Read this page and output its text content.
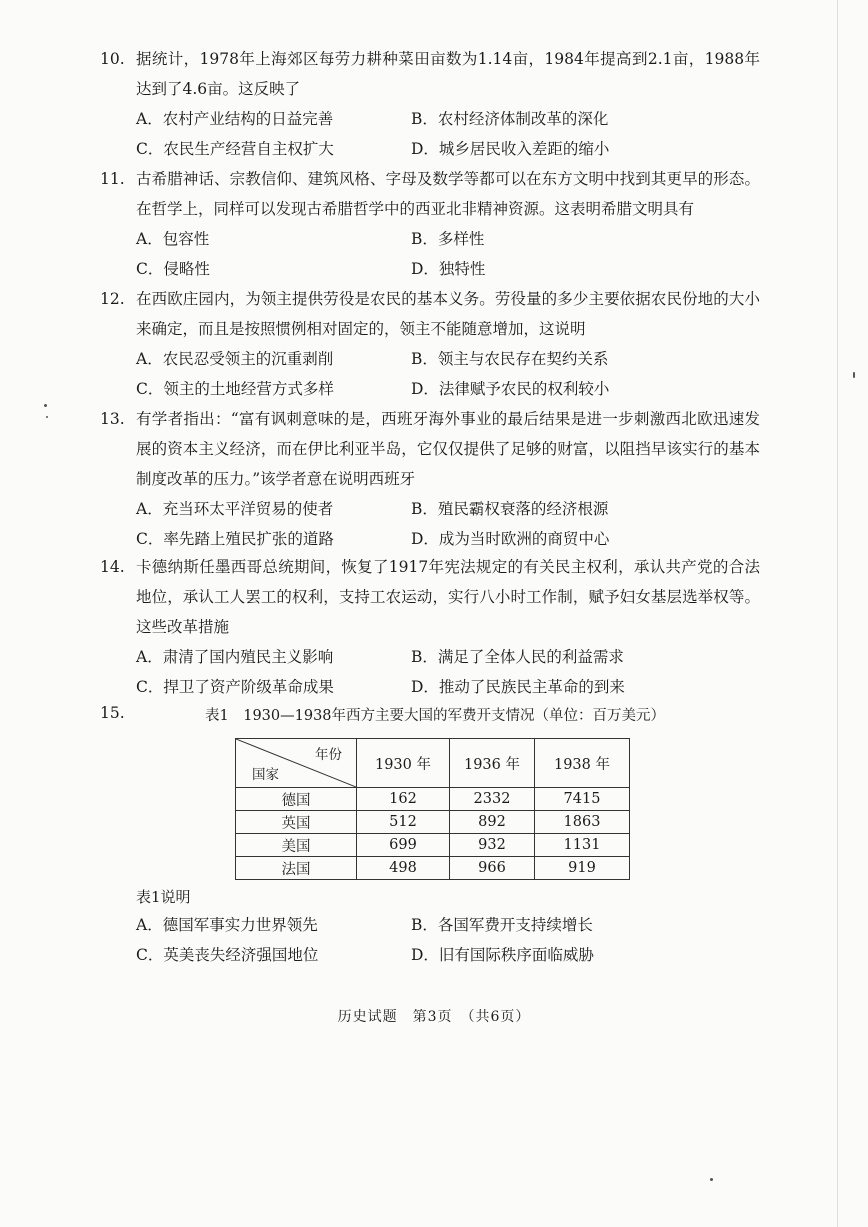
10. 据统计，1978年上海郊区每劳力耕种菜田亩数为1.14亩，1984年提高到2.1亩，1988年达到了4.6亩。这反映了
A．农村产业结构的日益完善	B．农村经济体制改革的深化
C．农民生产经营自主权扩大	D．城乡居民收入差距的缩小
11. 古希腊神话、宗教信仰、建筑风格、字母及数学等都可以在东方文明中找到其更早的形态。在哲学上，同样可以发现古希腊哲学中的西亚北非精神资源。这表明希腊文明具有
A．包容性	B．多样性
C．侵略性	D．独特性
12. 在西欧庄园内，为领主提供劳役是农民的基本义务。劳役量的多少主要依据农民份地的大小来确定，而且是按照惯例相对固定的，领主不能随意增加，这说明
A．农民忍受领主的沉重剥削	B．领主与农民存在契约关系
C．领主的土地经营方式多样	D．法律赋予农民的权利较小
13. 有学者指出：“富有讽刺意味的是，西班牙海外事业的最后结果是进一步刺激西北欧迅速发展的资本主义经济，而在伊比利亚半岛，它仅仅提供了足够的财富，以阻挡早该实行的基本制度改革的压力。”该学者意在说明西班牙
A．充当环太平洋贸易的使者	B．殖民霸权衰落的经济根源
C．率先踏上殖民扩张的道路	D．成为当时欧洲的商贸中心
14. 卡德纳斯任墨西哥总统期间，恢复了1917年宪法规定的有关民主权利，承认共产党的合法地位，承认工人罢工的权利，支持工农运动，实行八小时工作制，赋予妇女基层选举权等。这些改革措施
A．肃清了国内殖民主义影响	B．满足了全体人民的利益需求
C．捍卫了资产阶级革命成果	D．推动了民族民主革命的到来
15.	表1　1930—1938年西方主要大国的军费开支情况（单位：百万美元）
年份
国家	1930 年	1936 年	1938 年
德国	162	2332	7415
英国	512	892	1863
美国	699	932	1131
法国	498	966	919
表1说明
A．德国军事实力世界领先	B．各国军费开支持续增长
C．英美丧失经济强国地位	D．旧有国际秩序面临威胁
历史试题　第3页　（共6页）
